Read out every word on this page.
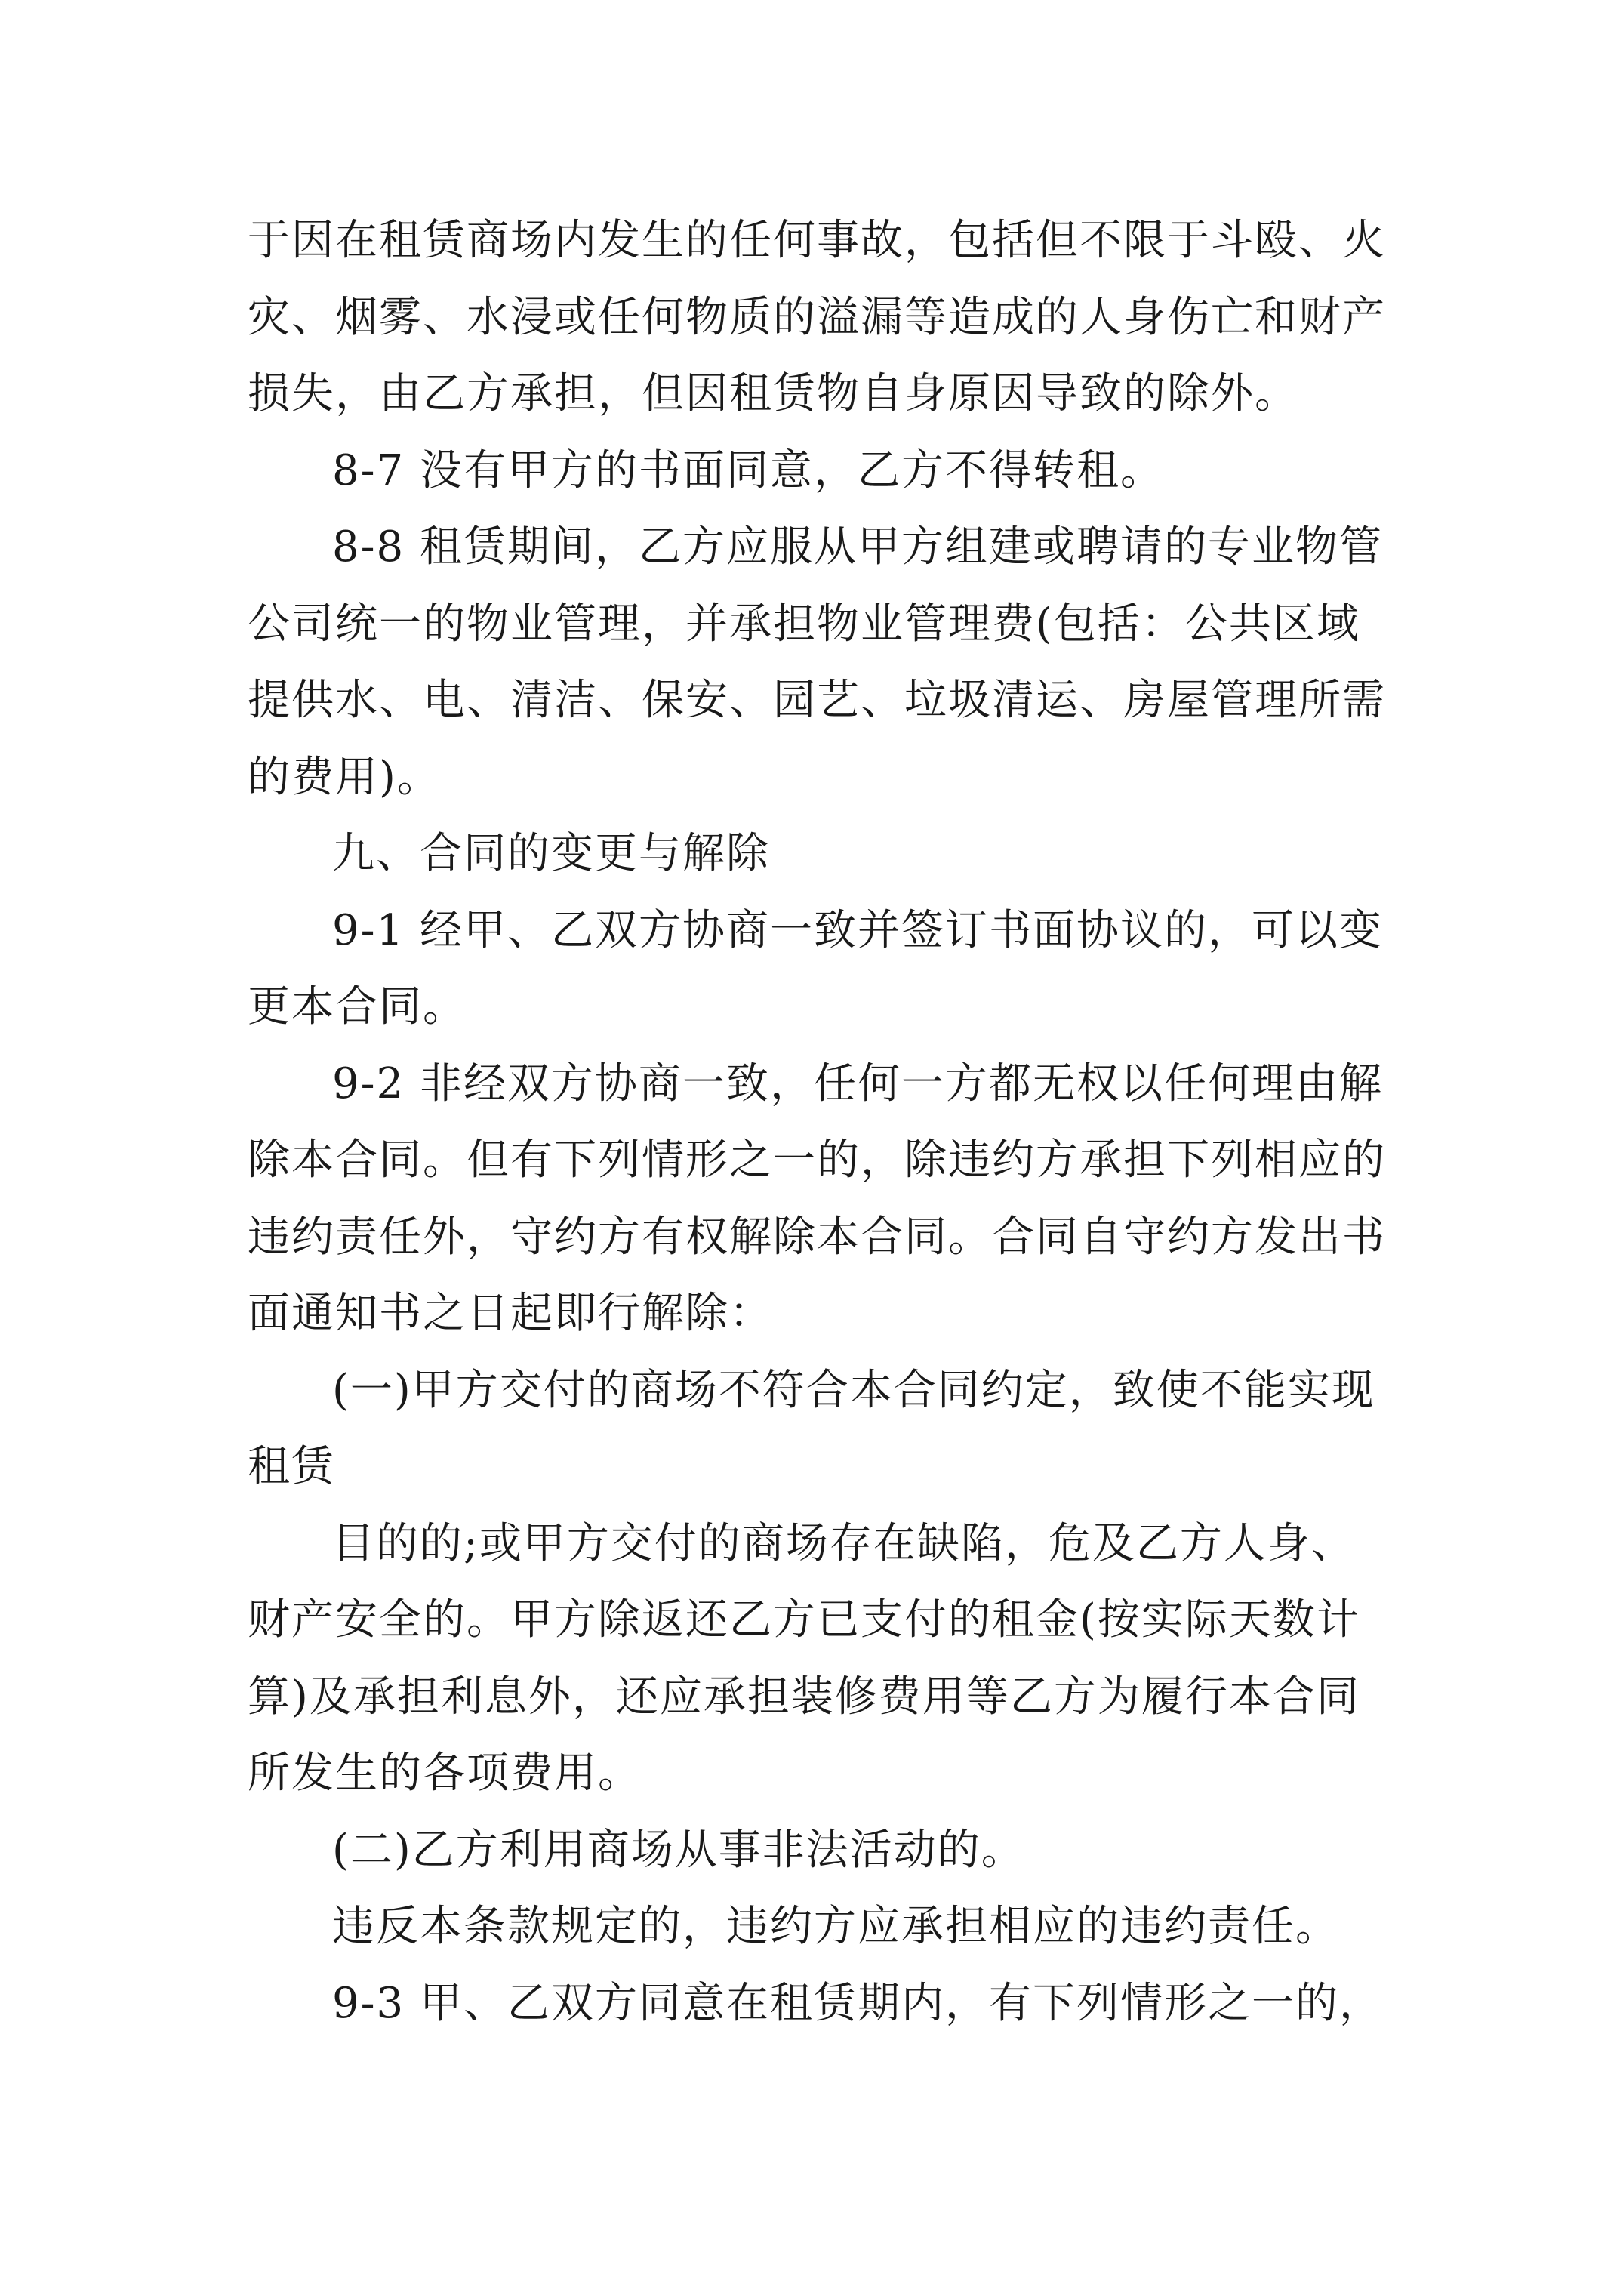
于因在租赁商场内发生的任何事故，包括但不限于斗殴、火
灾、烟雾、水浸或任何物质的溢漏等造成的人身伤亡和财产
损失，由乙方承担，但因租赁物自身原因导致的除外。
8-7 没有甲方的书面同意，乙方不得转租。
8-8 租赁期间，乙方应服从甲方组建或聘请的专业物管
公司统一的物业管理，并承担物业管理费(包括：公共区域
提供水、电、清洁、保安、园艺、垃圾清运、房屋管理所需
的费用)。
九、合同的变更与解除
9-1 经甲、乙双方协商一致并签订书面协议的，可以变
更本合同。
9-2 非经双方协商一致，任何一方都无权以任何理由解
除本合同。但有下列情形之一的，除违约方承担下列相应的
违约责任外，守约方有权解除本合同。合同自守约方发出书
面通知书之日起即行解除：
(一)甲方交付的商场不符合本合同约定，致使不能实现
租赁
目的的;或甲方交付的商场存在缺陷，危及乙方人身、
财产安全的。甲方除返还乙方已支付的租金(按实际天数计
算)及承担利息外，还应承担装修费用等乙方为履行本合同
所发生的各项费用。
(二)乙方利用商场从事非法活动的。
违反本条款规定的，违约方应承担相应的违约责任。
9-3 甲、乙双方同意在租赁期内，有下列情形之一的，
